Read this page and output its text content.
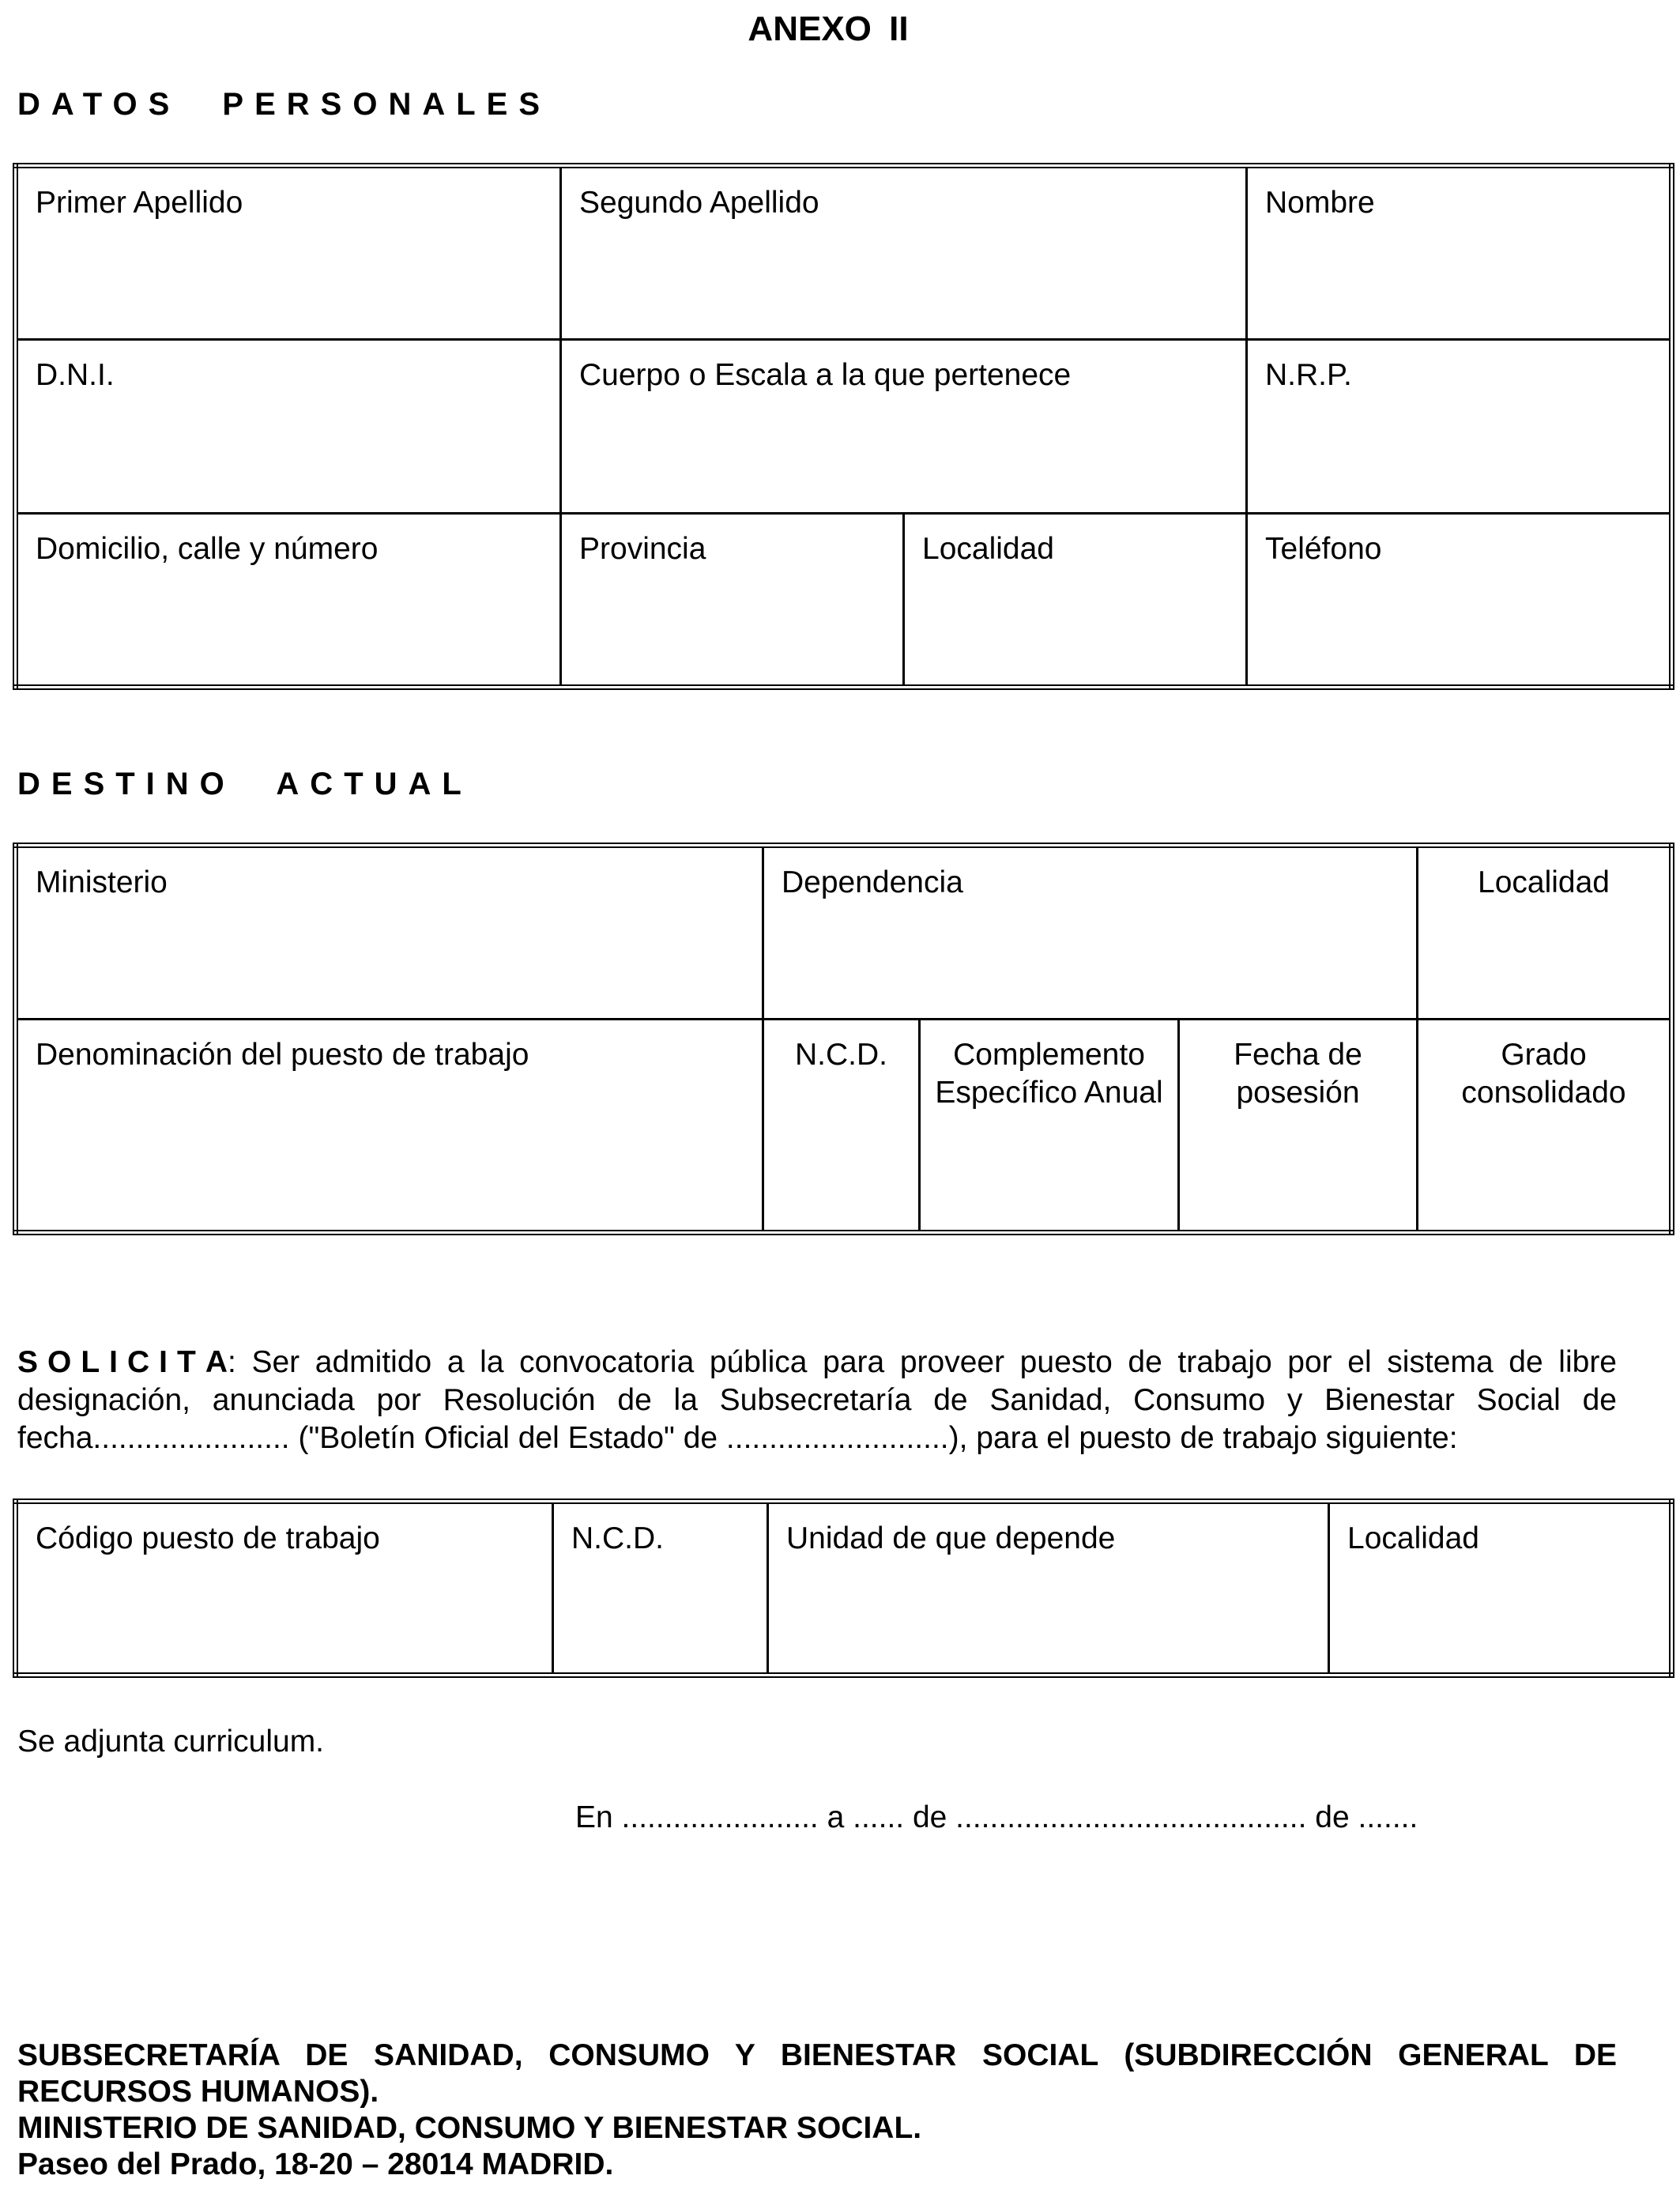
ANEXO II
DATOS PERSONALES
Primer Apellido	Segundo Apellido		Nombre
D.N.I.	Cuerpo o Escala a la que pertenece		N.R.P.
Domicilio, calle y número	Provincia	Localidad	Teléfono
DESTINO ACTUAL
Ministerio	Dependencia			Localidad
Denominación del puesto de trabajo	N.C.D.	Complemento Específico Anual	Fecha de posesión	Grado consolidado
SOLICITA: Ser admitido a la convocatoria pública para proveer puesto de trabajo por el sistema de libre designación, anunciada por Resolución de la Subsecretaría de Sanidad, Consumo y Bienestar Social de fecha....................... ("Boletín Oficial del Estado" de ..........................), para el puesto de trabajo siguiente:
Código puesto de trabajo	N.C.D.	Unidad de que depende	Localidad
Se adjunta curriculum.
En ....................... a ...... de ......................................... de .......
SUBSECRETARÍA DE SANIDAD, CONSUMO Y BIENESTAR SOCIAL (SUBDIRECCIÓN GENERAL DE
RECURSOS HUMANOS).
MINISTERIO DE SANIDAD, CONSUMO Y BIENESTAR SOCIAL.
Paseo del Prado, 18-20 – 28014 MADRID.
